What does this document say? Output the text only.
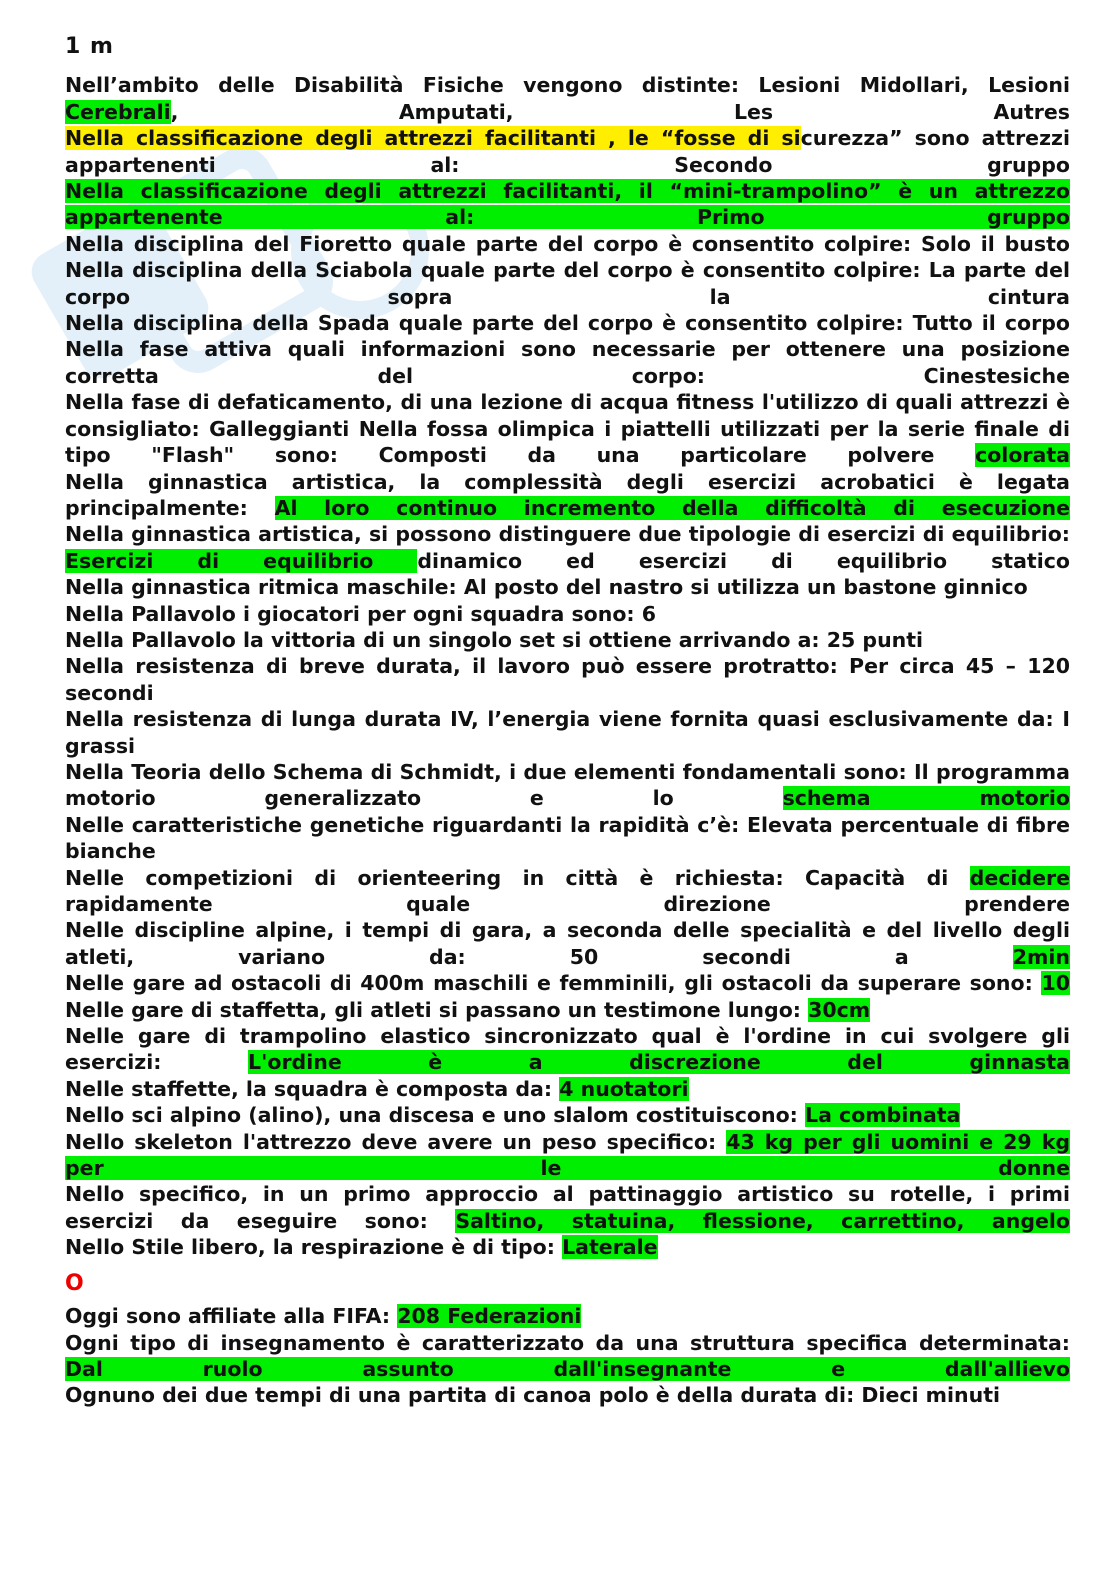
1 m
Nell’ambito delle Disabilità Fisiche vengono distinte: Lesioni Midollari, Lesioni Cerebrali, Amputati, Les Autres
Nella classificazione degli attrezzi facilitanti , le “fosse di sicurezza” sono attrezzi appartenenti al: Secondo gruppo
Nella classificazione degli attrezzi facilitanti, il “mini-trampolino” è un attrezzo appartenente al: Primo gruppo
Nella disciplina del Fioretto quale parte del corpo è consentito colpire: Solo il busto
Nella disciplina della Sciabola quale parte del corpo è consentito colpire: La parte del corpo sopra la cintura
Nella disciplina della Spada quale parte del corpo è consentito colpire: Tutto il corpo
Nella fase attiva quali informazioni sono necessarie per ottenere una posizione corretta del corpo: Cinestesiche
Nella fase di defaticamento, di una lezione di acqua fitness l'utilizzo di quali attrezzi è consigliato: Galleggianti Nella fossa olimpica i piattelli utilizzati per la serie finale di tipo "Flash" sono: Composti da una particolare polvere colorata
Nella ginnastica artistica, la complessità degli esercizi acrobatici è legata principalmente: Al loro continuo incremento della difficoltà di esecuzione
Nella ginnastica artistica, si possono distinguere due tipologie di esercizi di equilibrio: Esercizi di equilibrio dinamico ed esercizi di equilibrio statico
Nella ginnastica ritmica maschile: Al posto del nastro si utilizza un bastone ginnico
Nella Pallavolo i giocatori per ogni squadra sono: 6
Nella Pallavolo la vittoria di un singolo set si ottiene arrivando a: 25 punti
Nella resistenza di breve durata, il lavoro può essere protratto: Per circa 45 – 120 secondi
Nella resistenza di lunga durata IV, l’energia viene fornita quasi esclusivamente da: I grassi
Nella Teoria dello Schema di Schmidt, i due elementi fondamentali sono: Il programma motorio generalizzato e lo	schema motorio
Nelle caratteristiche genetiche riguardanti la rapidità c’è: Elevata percentuale di fibre bianche
Nelle competizioni di orienteering in città è richiesta: Capacità di decidere rapidamente quale direzione prendere
Nelle discipline alpine, i tempi di gara, a seconda delle specialità e del livello degli atleti, variano da: 50 secondi a 2min
Nelle gare ad ostacoli di 400m maschili e femminili, gli ostacoli da superare sono: 10
Nelle gare di staffetta, gli atleti si passano un testimone lungo: 30cm
Nelle gare di trampolino elastico sincronizzato qual è l'ordine in cui svolgere gli esercizi:	L'ordine è a discrezione del ginnasta
Nelle staffette, la squadra è composta da: 4 nuotatori
Nello sci alpino (alino), una discesa e uno slalom costituiscono: La combinata
Nello skeleton l'attrezzo deve avere un peso specifico: 43 kg per gli uomini e 29 kg per le donne
Nello specifico, in un primo approccio al pattinaggio artistico su rotelle, i primi esercizi da eseguire sono: Saltino, statuina, flessione, carrettino, angelo
Nello Stile libero, la respirazione è di tipo: Laterale
O
Oggi sono affiliate alla FIFA: 208 Federazioni
Ogni tipo di insegnamento è caratterizzato da una struttura specifica determinata: Dal ruolo assunto dall'insegnante e dall'allievo
Ognuno dei due tempi di una partita di canoa polo è della durata di: Dieci minuti
